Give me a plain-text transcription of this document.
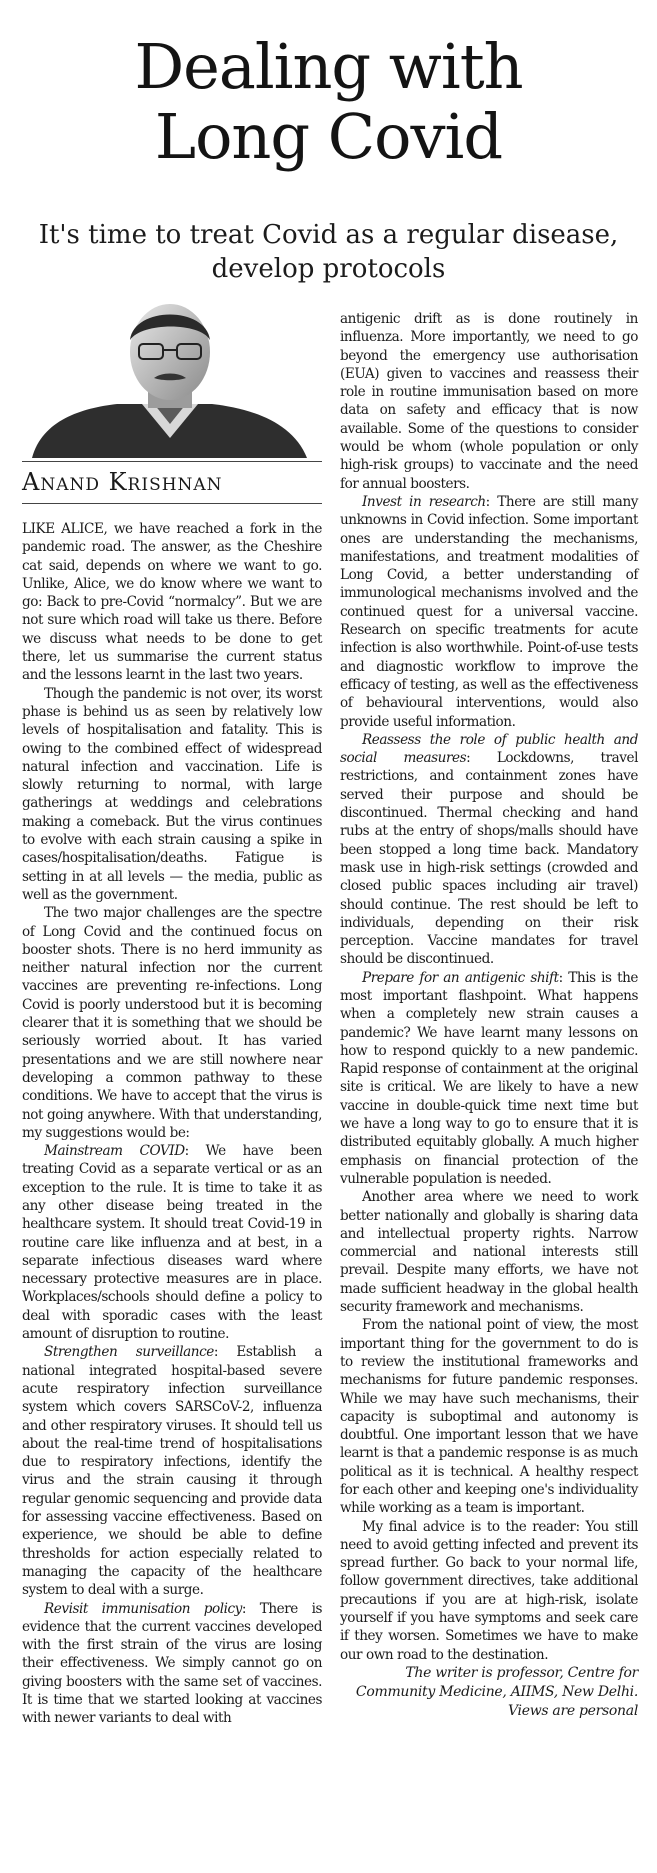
Dealing with
Long Covid
It's time to treat Covid as a regular disease,
develop protocols
Anand Krishnan

LIKE ALICE, we have reached a fork in the pandemic road. The answer, as the Cheshire cat said, depends on where we want to go. Unlike, Alice, we do know where we want to go: Back to pre-Covid “normalcy”. But we are not sure which road will take us there. Before we discuss what needs to be done to get there, let us summarise the current status and the lessons learnt in the last two years.

Though the pandemic is not over, its worst phase is behind us as seen by relatively low levels of hospitalisation and fatality. This is owing to the combined effect of widespread natural infection and vaccination. Life is slowly returning to normal, with large gatherings at weddings and celebrations making a comeback. But the virus continues to evolve with each strain causing a spike in cases/hospitalisation/deaths. Fatigue is setting in at all levels — the media, public as well as the government.

The two major challenges are the spectre of Long Covid and the continued focus on booster shots. There is no herd immunity as neither natural infection nor the current vaccines are preventing re-infections. Long Covid is poorly understood but it is becoming clearer that it is something that we should be seriously worried about. It has varied presentations and we are still nowhere near developing a common pathway to these conditions. We have to accept that the virus is not going anywhere. With that understanding, my suggestions would be:

Mainstream COVID: We have been treating Covid as a separate vertical or as an exception to the rule. It is time to take it as any other disease being treated in the healthcare system. It should treat Covid-19 in routine care like influenza and at best, in a separate infectious diseases ward where necessary protective measures are in place. Workplaces/schools should define a policy to deal with sporadic cases with the least amount of disruption to routine.

Strengthen surveillance: Establish a national integrated hospital-based severe acute respiratory infection surveillance system which covers SARSCoV-2, influenza and other respiratory viruses. It should tell us about the real-time trend of hospitalisations due to respiratory infections, identify the virus and the strain causing it through regular genomic sequencing and provide data for assessing vaccine effectiveness. Based on experience, we should be able to define thresholds for action especially related to managing the capacity of the healthcare system to deal with a surge.

Revisit immunisation policy: There is evidence that the current vaccines developed with the first strain of the virus are losing their effectiveness. We simply cannot go on giving boosters with the same set of vaccines. It is time that we started looking at vaccines with newer variants to deal with

antigenic drift as is done routinely in influenza. More importantly, we need to go beyond the emergency use authorisation (EUA) given to vaccines and reassess their role in routine immunisation based on more data on safety and efficacy that is now available. Some of the questions to consider would be whom (whole population or only high-risk groups) to vaccinate and the need for annual boosters.

Invest in research: There are still many unknowns in Covid infection. Some important ones are understanding the mechanisms, manifestations, and treatment modalities of Long Covid, a better understanding of immunological mechanisms involved and the continued quest for a universal vaccine. Research on specific treatments for acute infection is also worthwhile. Point-of-use tests and diagnostic workflow to improve the efficacy of testing, as well as the effectiveness of behavioural interventions, would also provide useful information.

Reassess the role of public health and social measures: Lockdowns, travel restrictions, and containment zones have served their purpose and should be discontinued. Thermal checking and hand rubs at the entry of shops/malls should have been stopped a long time back. Mandatory mask use in high-risk settings (crowded and closed public spaces including air travel) should continue. The rest should be left to individuals, depending on their risk perception. Vaccine mandates for travel should be discontinued.

Prepare for an antigenic shift: This is the most important flashpoint. What happens when a completely new strain causes a pandemic? We have learnt many lessons on how to respond quickly to a new pandemic. Rapid response of containment at the original site is critical. We are likely to have a new vaccine in double-quick time next time but we have a long way to go to ensure that it is distributed equitably globally. A much higher emphasis on financial protection of the vulnerable population is needed.

Another area where we need to work better nationally and globally is sharing data and intellectual property rights. Narrow commercial and national interests still prevail. Despite many efforts, we have not made sufficient headway in the global health security framework and mechanisms.

From the national point of view, the most important thing for the government to do is to review the institutional frameworks and mechanisms for future pandemic responses. While we may have such mechanisms, their capacity is suboptimal and autonomy is doubtful. One important lesson that we have learnt is that a pandemic response is as much political as it is technical. A healthy respect for each other and keeping one's individuality while working as a team is important.

My final advice is to the reader: You still need to avoid getting infected and prevent its spread further. Go back to your normal life, follow government directives, take additional precautions if you are at high-risk, isolate yourself if you have symptoms and seek care if they worsen. Sometimes we have to make our own road to the destination.

The writer is professor, Centre for
Community Medicine, AIIMS, New Delhi.
Views are personal
